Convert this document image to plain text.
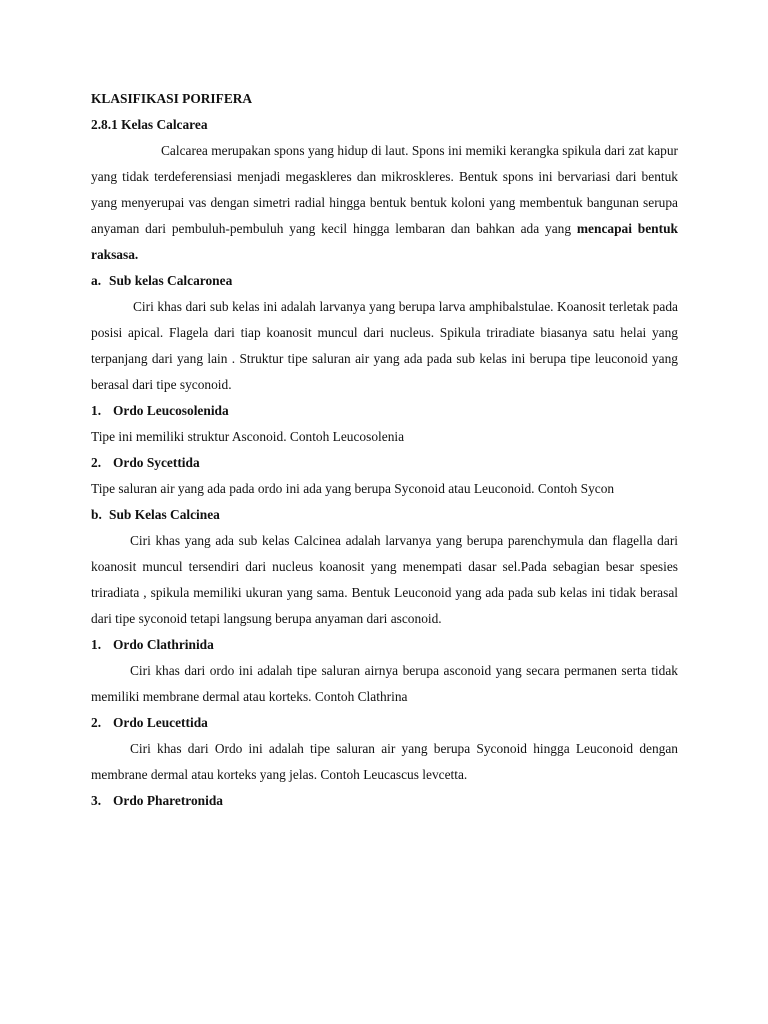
KLASIFIKASI PORIFERA

2.8.1 Kelas Calcarea

Calcarea merupakan spons yang hidup di laut. Spons ini memiki kerangka spikula dari zat kapur yang tidak terdeferensiasi menjadi megaskleres dan mikroskleres. Bentuk spons ini bervariasi dari bentuk yang menyerupai vas dengan simetri radial hingga bentuk bentuk koloni yang membentuk bangunan serupa anyaman dari pembuluh-pembuluh yang kecil hingga lembaran dan bahkan ada yang mencapai bentuk raksasa.

a. Sub kelas Calcaronea

Ciri khas dari sub kelas ini adalah larvanya yang berupa larva amphibalstulae. Koanosit terletak pada posisi apical. Flagela dari tiap koanosit muncul dari nucleus. Spikula triradiate biasanya satu helai yang terpanjang dari yang lain . Struktur tipe saluran air yang ada pada sub kelas ini berupa tipe leuconoid yang berasal dari tipe syconoid.

1. Ordo Leucosolenida

Tipe ini memiliki struktur Asconoid. Contoh Leucosolenia

2. Ordo Sycettida

Tipe saluran air yang ada pada ordo ini ada yang berupa Syconoid atau Leuconoid. Contoh Sycon

b. Sub Kelas Calcinea

Ciri khas yang ada sub kelas Calcinea adalah larvanya yang berupa parenchymula dan flagella dari koanosit muncul tersendiri dari nucleus koanosit yang menempati dasar sel.Pada sebagian besar spesies triradiata , spikula memiliki ukuran yang sama. Bentuk Leuconoid yang ada pada sub kelas ini tidak berasal dari tipe syconoid tetapi langsung berupa anyaman dari asconoid.

1. Ordo Clathrinida

Ciri khas dari ordo ini adalah tipe saluran airnya berupa asconoid yang secara permanen serta tidak memiliki membrane dermal atau korteks. Contoh Clathrina

2. Ordo Leucettida

Ciri khas dari Ordo ini adalah tipe saluran air yang berupa Syconoid hingga Leuconoid dengan membrane dermal atau korteks yang jelas. Contoh Leucascus levcetta.

3. Ordo Pharetronida
